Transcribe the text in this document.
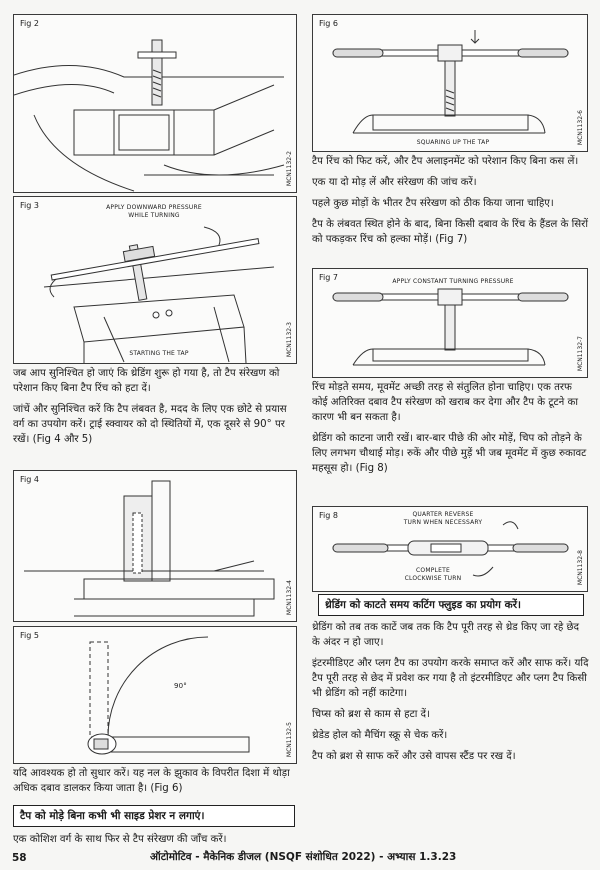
Fig 2
MCN1132-2
APPLY DOWNWARD PRESSURE
WHILE TURNING
STARTING THE TAP
Fig 3
MCN1132-3

जब आप सुनिश्चित हो जाएं कि थ्रेडिंग शुरू हो गया है, तो टैप संरेखण को परेशान किए बिना टैप रिंच को हटा दें।

जांचें और सुनिश्चित करें कि टैप लंबवत है, मदद के लिए एक छोटे से प्रयास वर्ग का उपयोग करें। ट्राई स्क्वायर को दो स्थितियों में, एक दूसरे से 90° पर रखें। (Fig 4 और 5)

Fig 4
MCN1132-4
90°
Fig 5
MCN1132-5

यदि आवश्यक हो तो सुधार करें। यह नल के झुकाव के विपरीत दिशा में थोड़ा अधिक दबाव डालकर किया जाता है। (Fig 6)

टैप को मोड़े बिना कभी भी साइड प्रेशर न लगाएं।

एक कोशिश वर्ग के साथ फिर से टैप संरेखण की जाँच करें।

SQUARING UP THE TAP
Fig 6
MCN1132-6

टैप रिंच को फिट करें, और टैप अलाइनमेंट को परेशान किए बिना कस लें।

एक या दो मोड़ लें और संरेखण की जांच करें।

पहले कुछ मोड़ों के भीतर टैप संरेखण को ठीक किया जाना चाहिए।

टैप के लंबवत स्थित होने के बाद, बिना किसी दबाव के रिंच के हैंडल के सिरों को पकड़कर रिंच को हल्का मोड़ें। (Fig 7)

APPLY CONSTANT TURNING PRESSURE
Fig 7
MCN1132-7

रिंच मोड़ते समय, मूवमेंट अच्छी तरह से संतुलित होना चाहिए। एक तरफ कोई अतिरिक्त दबाव टैप संरेखण को खराब कर देगा और टैप के टूटने का कारण भी बन सकता है।

थ्रेडिंग को काटना जारी रखें। बार-बार पीछे की ओर मोड़ें, चिप को तोड़ने के लिए लगभग चौथाई मोड़। रुकें और पीछे मुड़ें भी जब मूवमेंट में कुछ रुकावट महसूस हो। (Fig 8)

QUARTER REVERSE
TURN WHEN NECESSARY
COMPLETE
CLOCKWISE TURN
Fig 8
MCN1132-8
थ्रेडिंग को काटते समय कटिंग फ्लुइड का प्रयोग करें।

थ्रेडिंग को तब तक काटें जब तक कि टैप पूरी तरह से थ्रेड किए जा रहे छेद के अंदर न हो जाए।

इंटरमीडिएट और प्लग टैप का उपयोग करके समाप्त करें और साफ करें। यदि टैप पूरी तरह से छेद में प्रवेश कर गया है तो इंटरमीडिएट और प्लग टैप किसी भी थ्रेडिंग को नहीं काटेगा।

चिप्स को ब्रश से काम से हटा दें।

थ्रेडेड होल को मैचिंग स्क्रू से चेक करें।

टैप को ब्रश से साफ करें और उसे वापस स्टैंड पर रख दें।

58	ऑटोमोटिव - मैकेनिक डीजल (NSQF संशोधित 2022) - अभ्यास 1.3.23
